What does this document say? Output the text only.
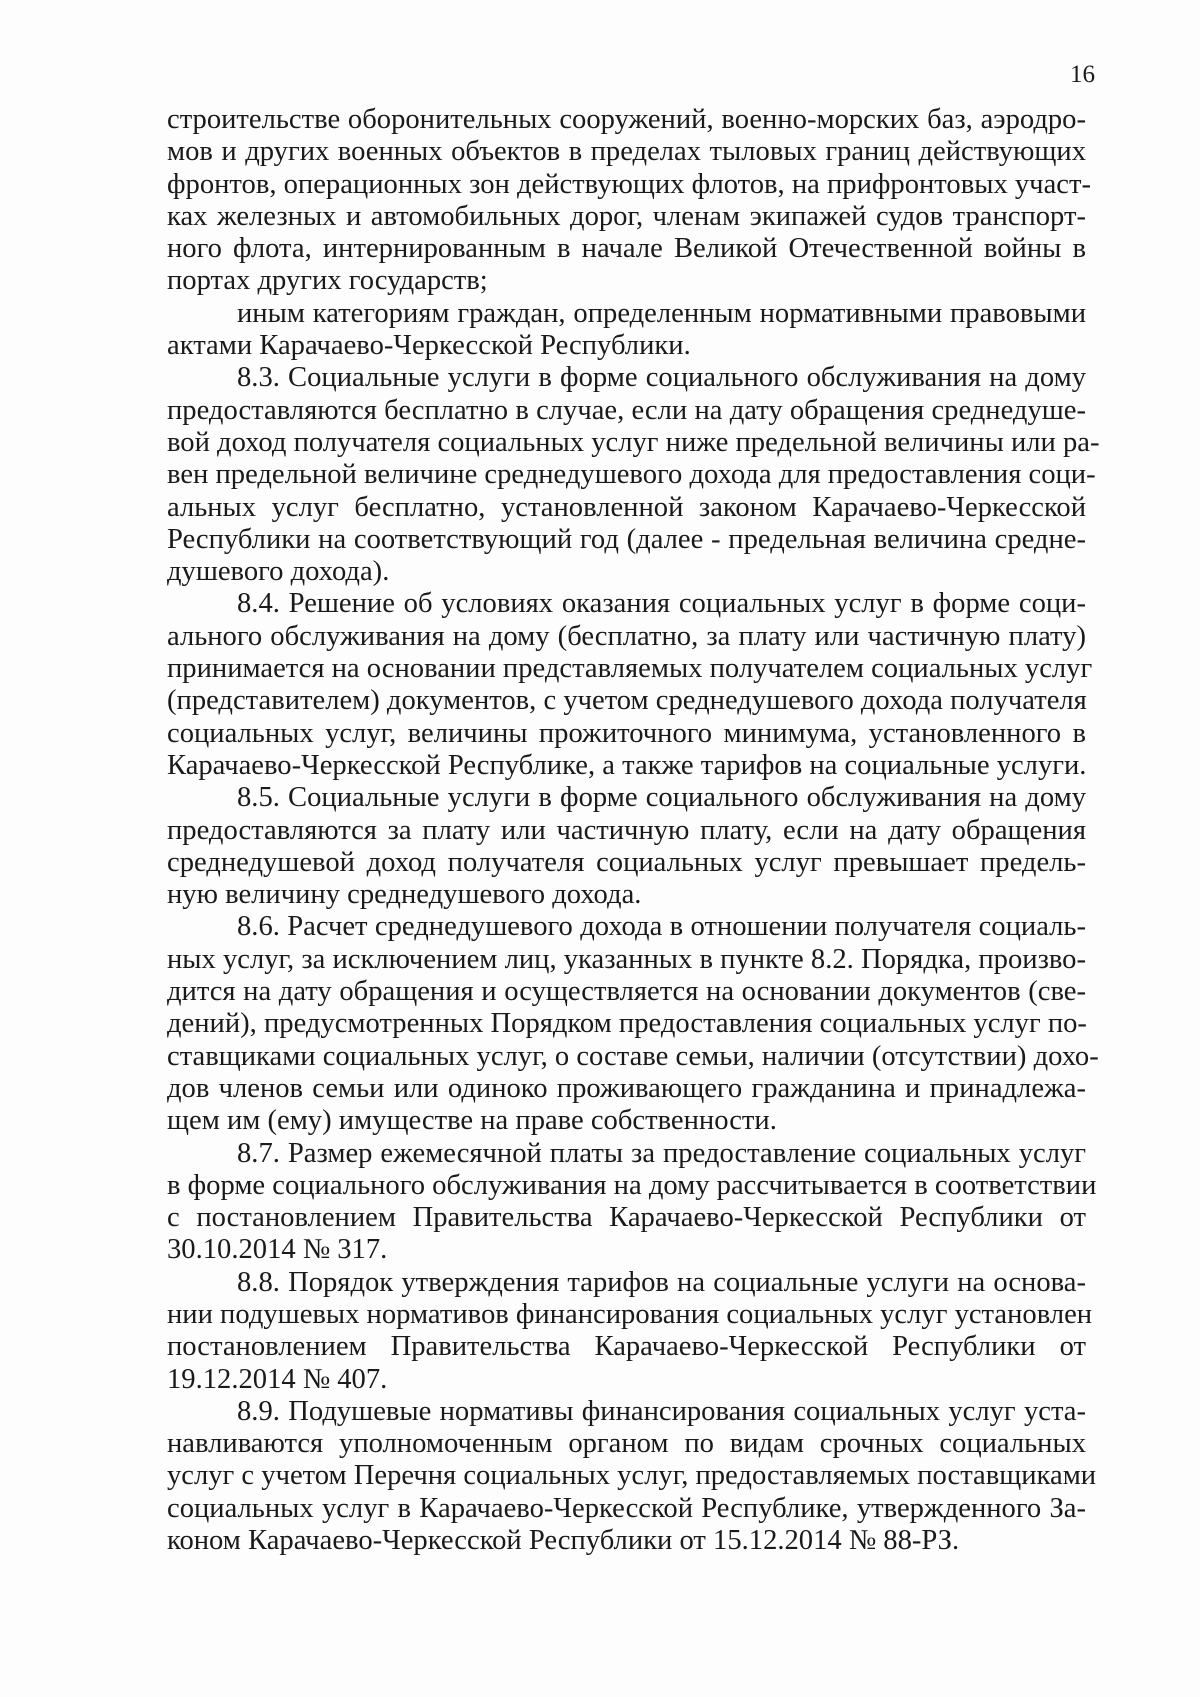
16
строительстве оборонительных сооружений, военно-морских баз, аэродро-
мов и других военных объектов в пределах тыловых границ действующих
фронтов, операционных зон действующих флотов, на прифронтовых участ-
ках железных и автомобильных дорог, членам экипажей судов транспорт-
ного флота, интернированным в начале Великой Отечественной войны в
портах других государств;
иным категориям граждан, определенным нормативными правовыми
актами Карачаево-Черкесской Республики.
8.3. Социальные услуги в форме социального обслуживания на дому
предоставляются бесплатно в случае, если на дату обращения среднедуше-
вой доход получателя социальных услуг ниже предельной величины или ра-
вен предельной величине среднедушевого дохода для предоставления соци-
альных услуг бесплатно, установленной законом Карачаево-Черкесской
Республики на соответствующий год (далее - предельная величина средне-
душевого дохода).
8.4. Решение об условиях оказания социальных услуг в форме соци-
ального обслуживания на дому (бесплатно, за плату или частичную плату)
принимается на основании представляемых получателем социальных услуг
(представителем) документов, с учетом среднедушевого дохода получателя
социальных услуг, величины прожиточного минимума, установленного в
Карачаево-Черкесской Республике, а также тарифов на социальные услуги.
8.5. Социальные услуги в форме социального обслуживания на дому
предоставляются за плату или частичную плату, если на дату обращения
среднедушевой доход получателя социальных услуг превышает предель-
ную величину среднедушевого дохода.
8.6. Расчет среднедушевого дохода в отношении получателя социаль-
ных услуг, за исключением лиц, указанных в пункте 8.2. Порядка, произво-
дится на дату обращения и осуществляется на основании документов (све-
дений), предусмотренных Порядком предоставления социальных услуг по-
ставщиками социальных услуг, о составе семьи, наличии (отсутствии) дохо-
дов членов семьи или одиноко проживающего гражданина и принадлежа-
щем им (ему) имуществе на праве собственности.
8.7. Размер ежемесячной платы за предоставление социальных услуг
в форме социального обслуживания на дому рассчитывается в соответствии
с постановлением Правительства Карачаево-Черкесской Республики от
30.10.2014 № 317.
8.8. Порядок утверждения тарифов на социальные услуги на основа-
нии подушевых нормативов финансирования социальных услуг установлен
постановлением Правительства Карачаево-Черкесской Республики от
19.12.2014 № 407.
8.9. Подушевые нормативы финансирования социальных услуг уста-
навливаются уполномоченным органом по видам срочных социальных
услуг с учетом Перечня социальных услуг, предоставляемых поставщиками
социальных услуг в Карачаево-Черкесской Республике, утвержденного За-
коном Карачаево-Черкесской Республики от 15.12.2014 № 88-РЗ.
